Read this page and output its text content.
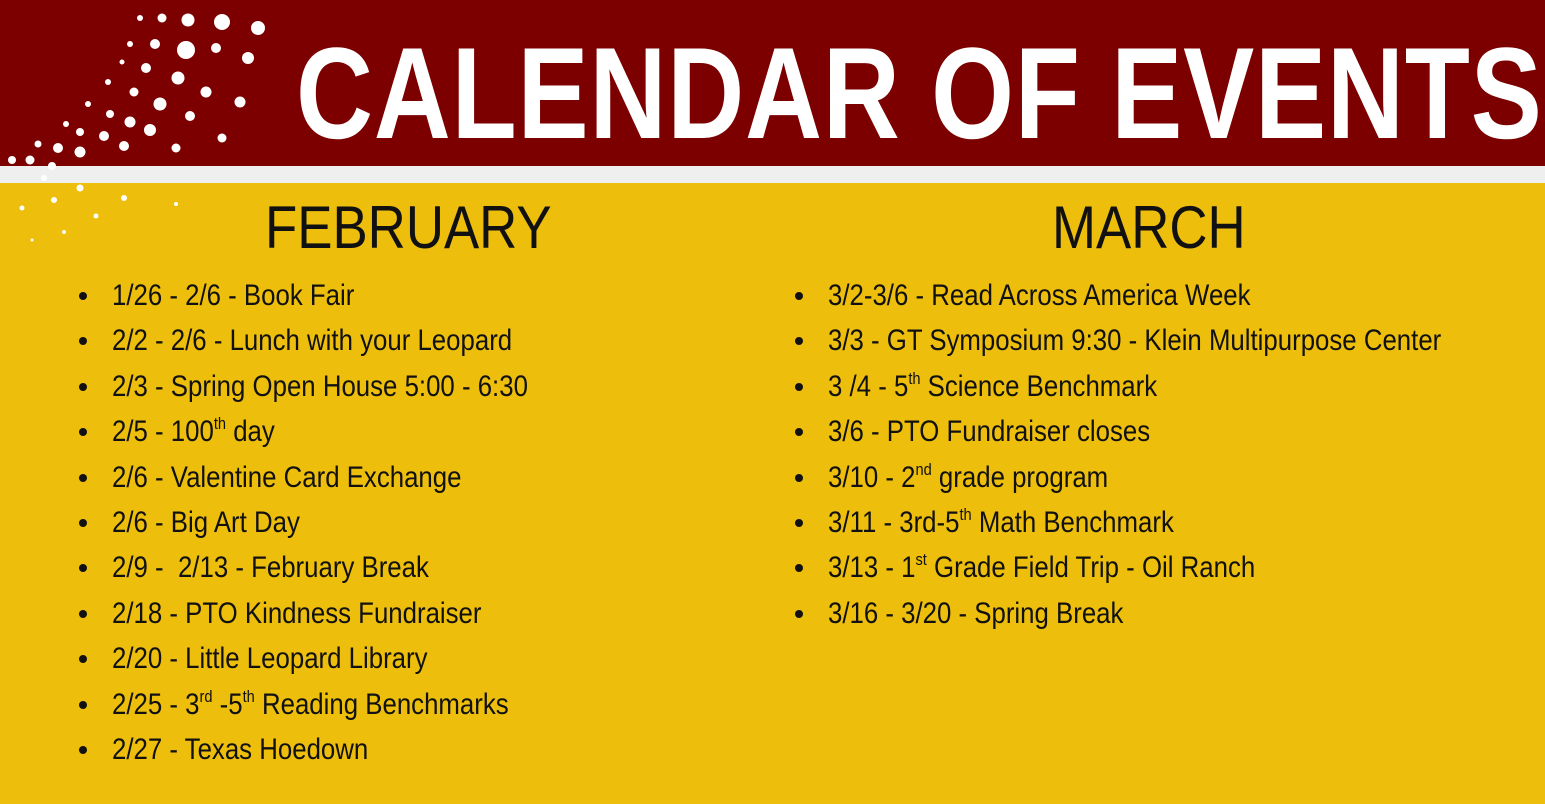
CALENDAR OF EVENTS
FEBRUARY	MARCH
1/26 - 2/6 - Book Fair
2/2 - 2/6 - Lunch with your Leopard
2/3 - Spring Open House 5:00 - 6:30
2/5 - 100th day
2/6 - Valentine Card Exchange
2/6 - Big Art Day
2/9 -  2/13 - February Break
2/18 - PTO Kindness Fundraiser
2/20 - Little Leopard Library
2/25 - 3rd -5th Reading Benchmarks
2/27 - Texas Hoedown
3/2-3/6 - Read Across America Week
3/3 - GT Symposium 9:30 - Klein Multipurpose Center
3 /4 - 5th Science Benchmark
3/6 - PTO Fundraiser closes
3/10 - 2nd grade program
3/11 - 3rd-5th Math Benchmark
3/13 - 1st Grade Field Trip - Oil Ranch
3/16 - 3/20 - Spring Break
